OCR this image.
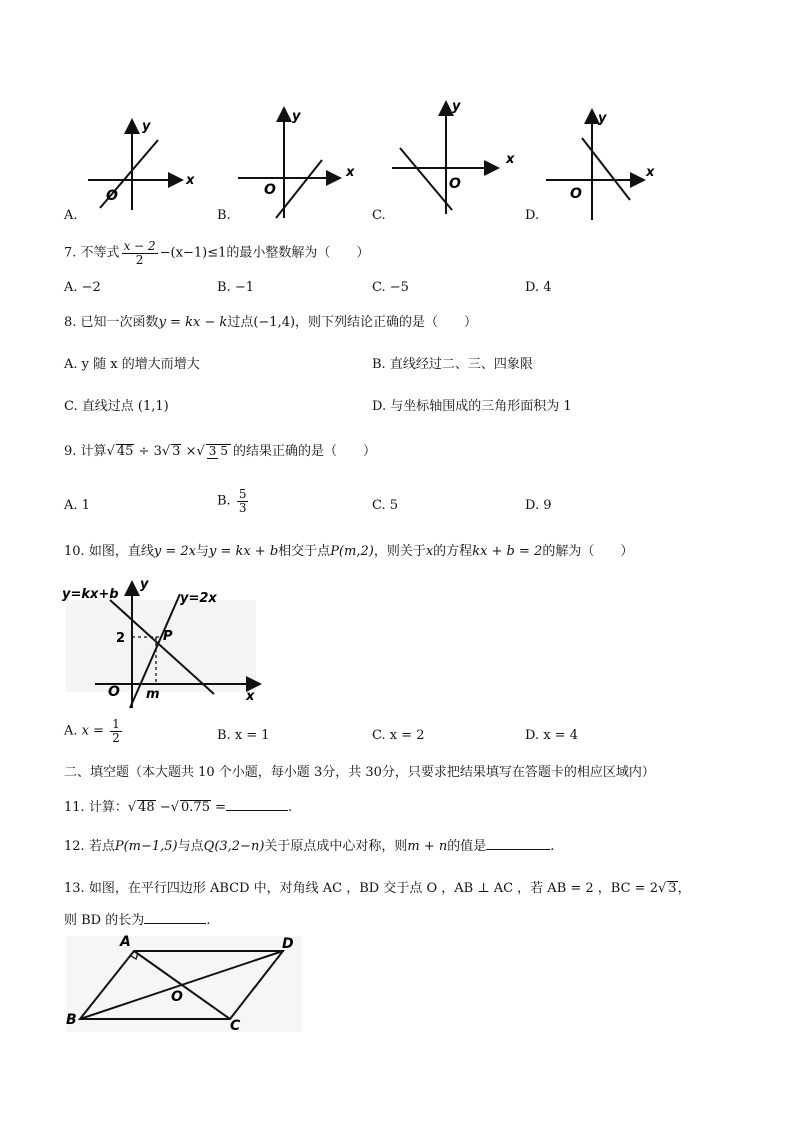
x
y
O
x
y
O
x
y
O
x
y
O
A.	B.	C.	D.
7. 不等式 $\frac{x - 2}{2} -(x-1)\le 1$的最小整数解为（　　）
A. −2	B. −1	C. −5	D. 4
8. 已知一次函数y = kx − k过点(−1,4)，则下列结论正确的是（　　）
A. y 随 x 的增大而增大	B. 直线经过二、三、四象限
C. 直线过点 (1,1)	D. 与坐标轴围成的三角形面积为 1
9. 计算√ 45 ÷ 3√ 3 ×√ 3 5 的结果正确的是（　　）
A. 1	B. $\frac{5}{3}$	C. 5	D. 9
10. 如图，直线y = 2x与y = kx + b相交于点P(m,2)，则关于x的方程kx + b = 2的解为（　　）
y=kx+b	y=2x
y
x
2
m
P
O
A. $x = \frac{1}{2}$	B. x = 1	C. x = 2	D. x = 4
二、填空题（本大题共 10 个小题，每小题 3分，共 30分，只要求把结果填写在答题卡的相应区域内）
11. 计算：√ 48 −√ 0.75 =	.
12. 若点P(m−1,5)与点Q(3,2−n)关于原点成中心对称，则m + n的值是	.
13. 如图，在平行四边形 ABCD 中，对角线 AC ，BD 交于点 O ，AB ⊥ AC ，若 AB = 2 ，BC = 2√ 3，
则 BD 的长为	.
A	D
B	C
O
